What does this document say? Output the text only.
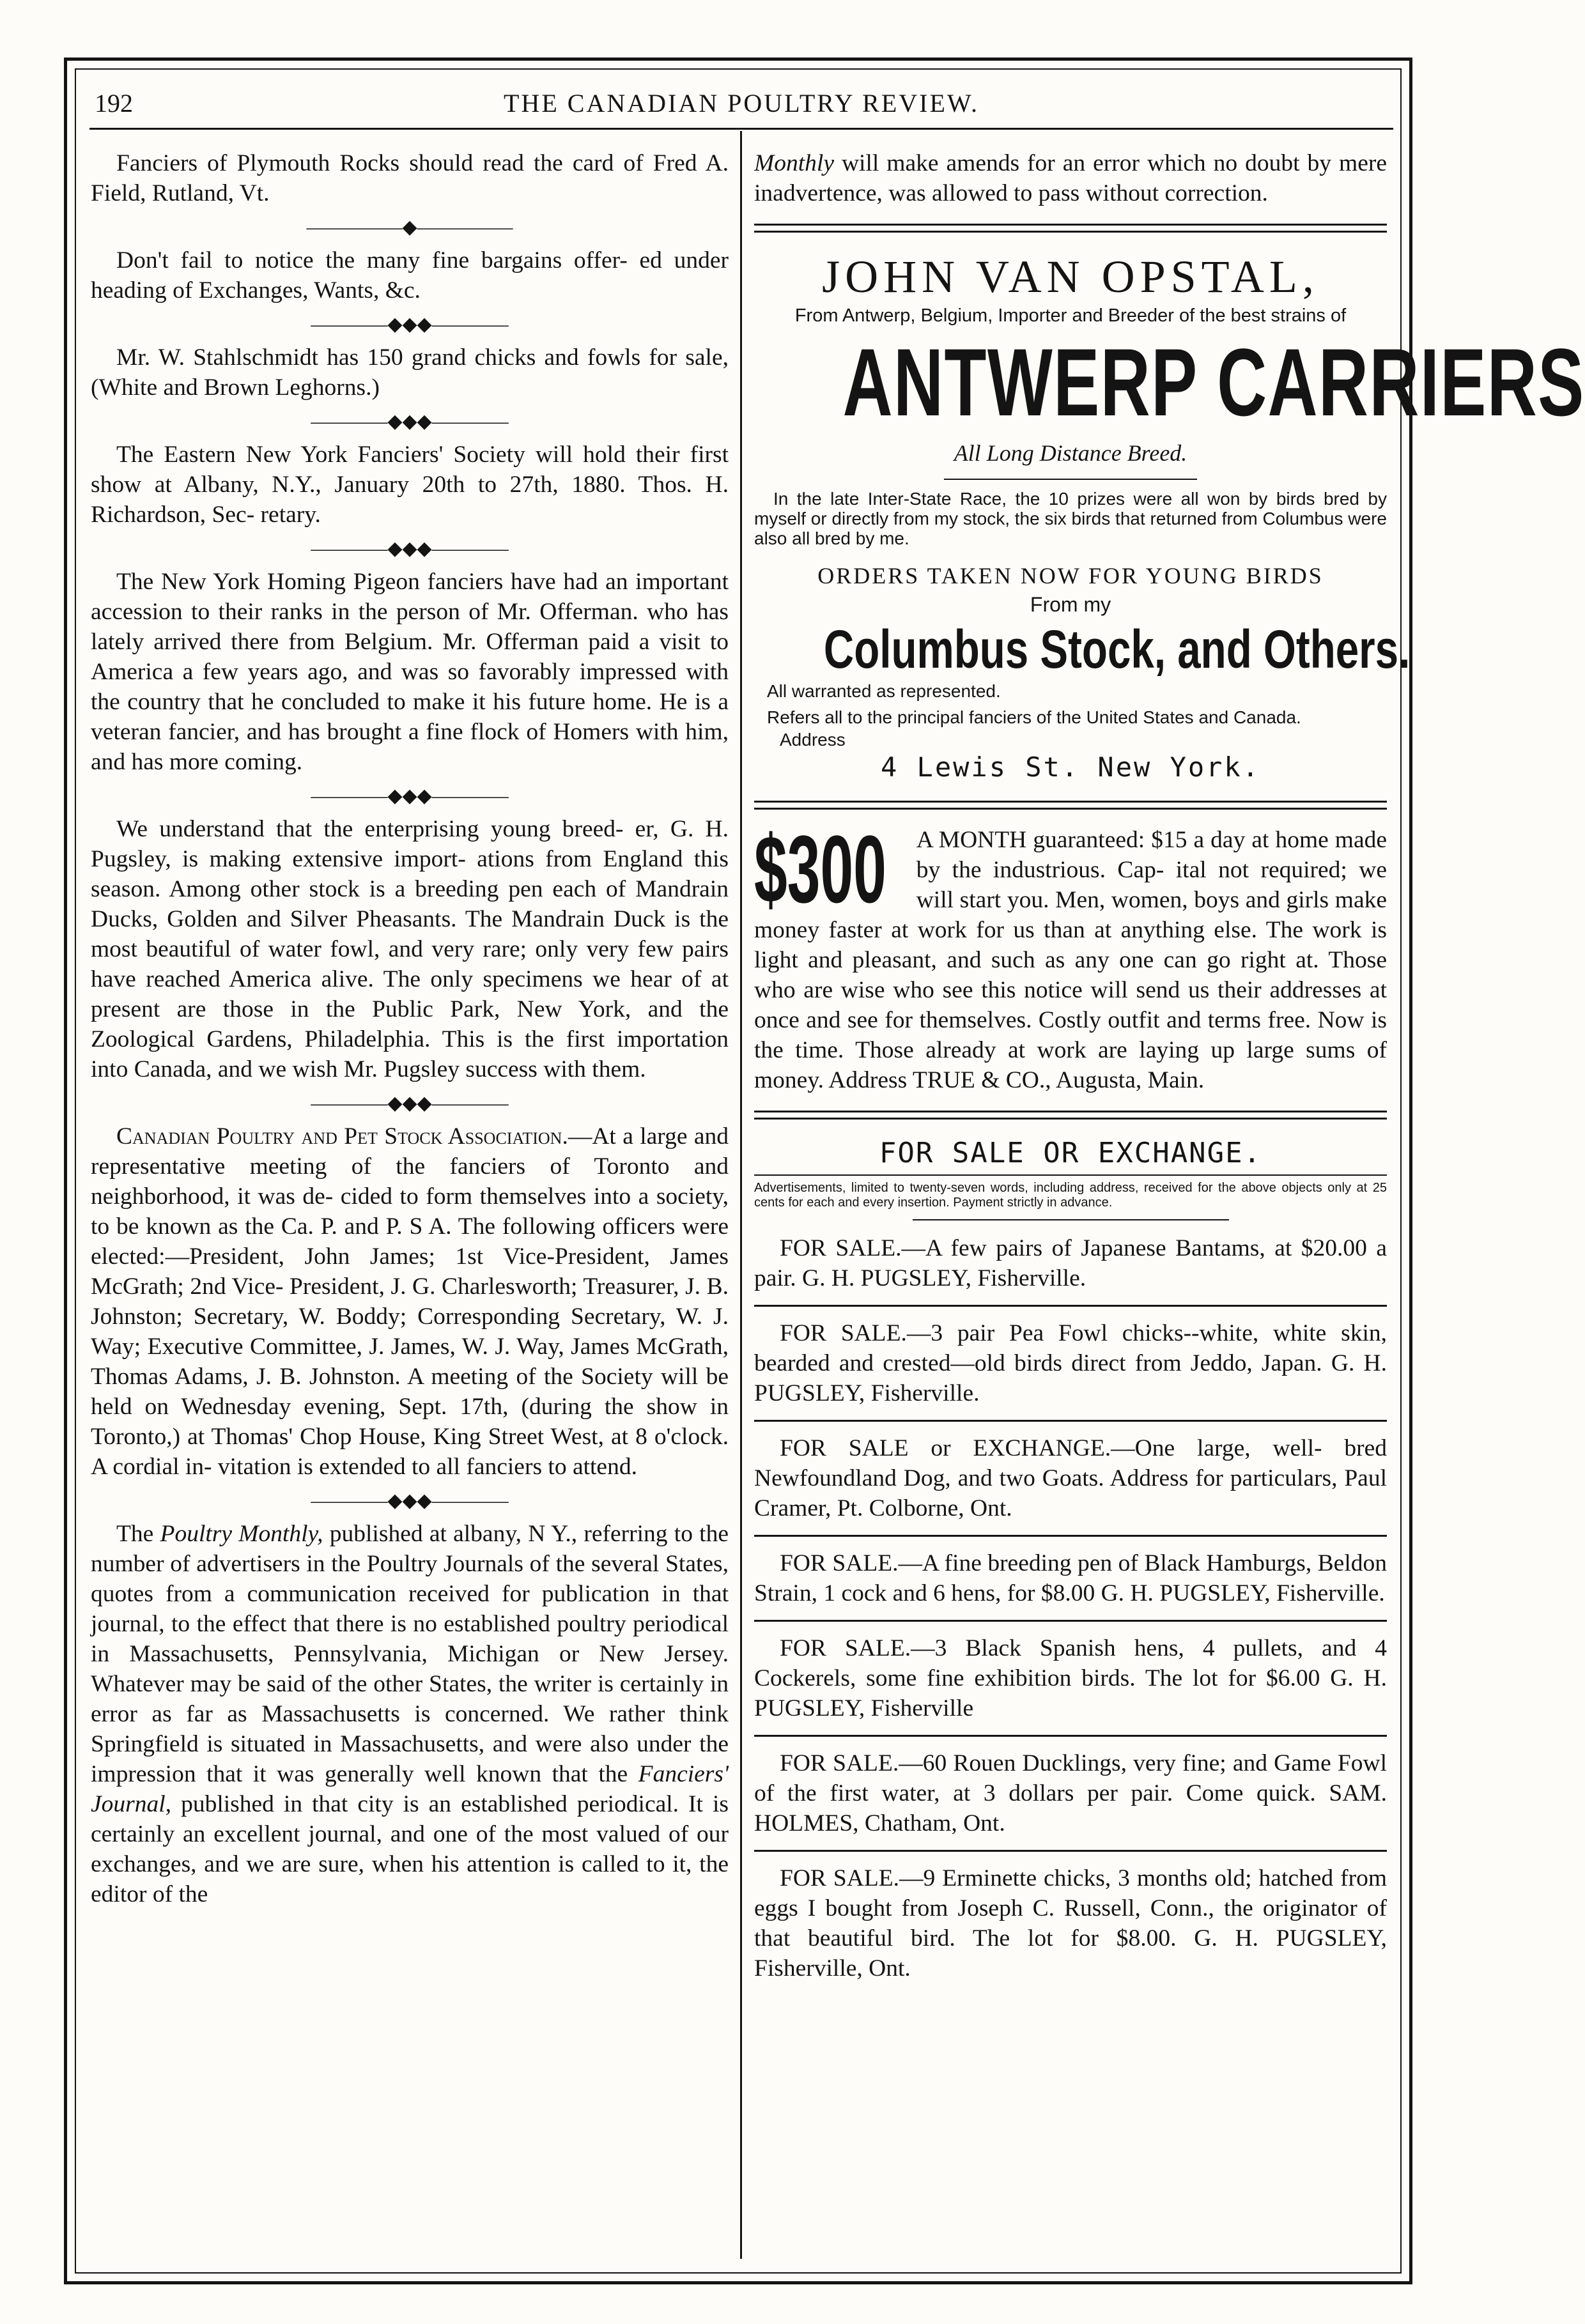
192	THE CANADIAN POULTRY REVIEW.

Fanciers of Plymouth Rocks should read the card of Fred A. Field, Rutland, Vt.

—————◆—————

Don't fail to notice the many fine bargains offer- ed under heading of Exchanges, Wants, &c.

————◆◆◆————

Mr. W. Stahlschmidt has 150 grand chicks and fowls for sale, (White and Brown Leghorns.)

————◆◆◆————

The Eastern New York Fanciers' Society will hold their first show at Albany, N.Y., January 20th to 27th, 1880. Thos. H. Richardson, Sec- retary.

————◆◆◆————

The New York Homing Pigeon fanciers have had an important accession to their ranks in the person of Mr. Offerman. who has lately arrived there from Belgium. Mr. Offerman paid a visit to America a few years ago, and was so favorably impressed with the country that he concluded to make it his future home. He is a veteran fancier, and has brought a fine flock of Homers with him, and has more coming.

————◆◆◆————

We understand that the enterprising young breed- er, G. H. Pugsley, is making extensive import- ations from England this season. Among other stock is a breeding pen each of Mandrain Ducks, Golden and Silver Pheasants. The Mandrain Duck is the most beautiful of water fowl, and very rare; only very few pairs have reached America alive. The only specimens we hear of at present are those in the Public Park, New York, and the Zoological Gardens, Philadelphia. This is the first importation into Canada, and we wish Mr. Pugsley success with them.

————◆◆◆————

Canadian Poultry and Pet Stock Association.—At a large and representative meeting of the fanciers of Toronto and neighborhood, it was de- cided to form themselves into a society, to be known as the Ca. P. and P. S A. The following officers were elected:—President, John James; 1st Vice-President, James McGrath; 2nd Vice- President, J. G. Charlesworth; Treasurer, J. B. Johnston; Secretary, W. Boddy; Corresponding Secretary, W. J. Way; Executive Committee, J. James, W. J. Way, James McGrath, Thomas Adams, J. B. Johnston. A meeting of the Society will be held on Wednesday evening, Sept. 17th, (during the show in Toronto,) at Thomas' Chop House, King Street West, at 8 o'clock. A cordial in- vitation is extended to all fanciers to attend.

————◆◆◆————

The Poultry Monthly, published at albany, N Y., referring to the number of advertisers in the Poultry Journals of the several States, quotes from a communication received for publication in that journal, to the effect that there is no established poultry periodical in Massachusetts, Pennsylvania, Michigan or New Jersey. Whatever may be said of the other States, the writer is certainly in error as far as Massachusetts is concerned. We rather think Springfield is situated in Massachusetts, and were also under the impression that it was generally well known that the Fanciers' Journal, published in that city is an established periodical. It is certainly an excellent journal, and one of the most valued of our exchanges, and we are sure, when his attention is called to it, the editor of the

Monthly will make amends for an error which no doubt by mere inadvertence, was allowed to pass without correction.

JOHN VAN OPSTAL,
From Antwerp, Belgium, Importer and Breeder of the best strains of
ANTWERP CARRIERS
All Long Distance Breed.

In the late Inter-State Race, the 10 prizes were all won by birds bred by myself or directly from my stock, the six birds that returned from Columbus were also all bred by me.

ORDERS TAKEN NOW FOR YOUNG BIRDS
From my
Columbus Stock, and Others.

All warranted as represented.

Refers all to the principal fanciers of the United States and Canada.

Address

4 Lewis St. New York.
$300	A MONTH guaranteed: $15 a day at home made by the industrious. Cap- ital not required; we will start you. Men, women, boys and girls make money faster at work for us than at anything else. The work is light and pleasant, and such as any one can go right at. Those who are wise who see this notice will send us their addresses at once and see for themselves. Costly outfit and terms free. Now is the time. Those already at work are laying up large sums of money. Address TRUE & CO., Augusta, Main.

FOR SALE OR EXCHANGE.

Advertisements, limited to twenty-seven words, including address, received for the above objects only at 25 cents for each and every insertion. Payment strictly in advance.

FOR SALE.—A few pairs of Japanese Bantams, at $20.00 a pair. G. H. PUGSLEY, Fisherville.

FOR SALE.—3 pair Pea Fowl chicks--white, white skin, bearded and crested—old birds direct from Jeddo, Japan. G. H. PUGSLEY, Fisherville.

FOR SALE or EXCHANGE.—One large, well- bred Newfoundland Dog, and two Goats. Address for particulars, Paul Cramer, Pt. Colborne, Ont.

FOR SALE.—A fine breeding pen of Black Hamburgs, Beldon Strain, 1 cock and 6 hens, for $8.00 G. H. PUGSLEY, Fisherville.

FOR SALE.—3 Black Spanish hens, 4 pullets, and 4 Cockerels, some fine exhibition birds. The lot for $6.00 G. H. PUGSLEY, Fisherville

FOR SALE.—60 Rouen Ducklings, very fine; and Game Fowl of the first water, at 3 dollars per pair. Come quick. SAM. HOLMES, Chatham, Ont.

FOR SALE.—9 Erminette chicks, 3 months old; hatched from eggs I bought from Joseph C. Russell, Conn., the originator of that beautiful bird. The lot for $8.00. G. H. PUGSLEY, Fisherville, Ont.
